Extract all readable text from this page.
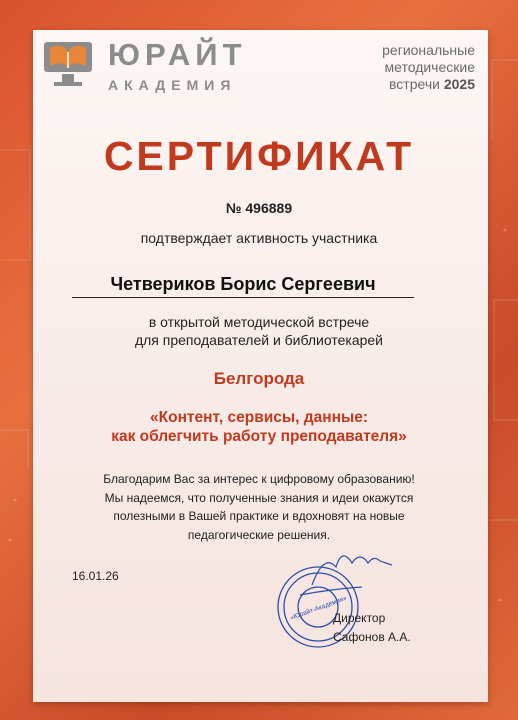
ЮРАЙТ
АКАДЕМИЯ
региональные
методические
встречи 2025
СЕРТИФИКАТ
№ 496889
подтверждает активность участника
Четвериков Борис Сергеевич
в открытой методической встрече
для преподавателей и библиотекарей
Белгорода
«Контент, сервисы, данные:
как облегчить работу преподавателя»
Благодарим Вас за интерес к цифровому образованию!
Мы надеемся, что полученные знания и идеи окажутся
полезными в Вашей практике и вдохновят на новые
педагогические решения.
16.01.26
«Юрайт-Академия»
Директор
Сафонов А.А.
